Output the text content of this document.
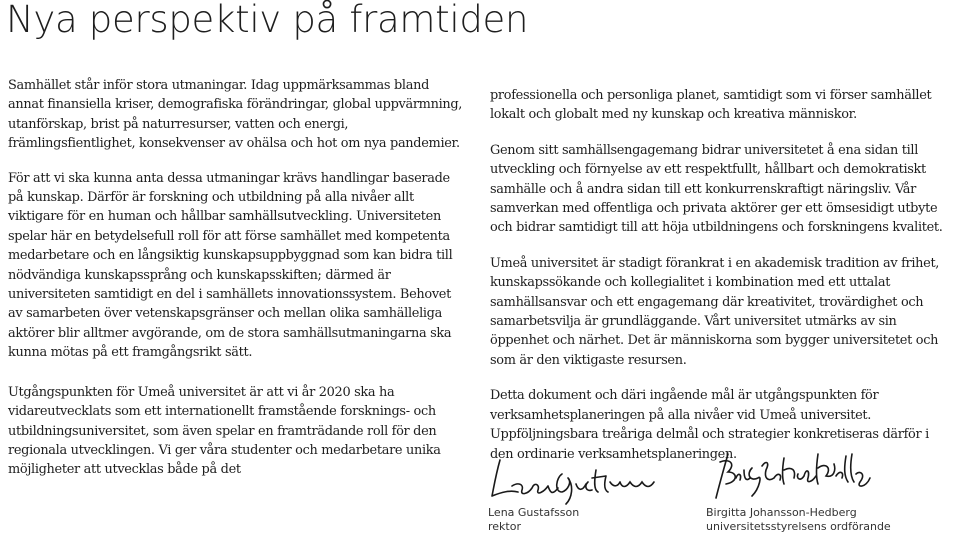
Nya perspektiv på framtiden

Samhället står inför stora utmaningar. Idag uppmärksammas bland annat finansiella kriser, demografiska förändringar, global uppvärmning, utanförskap, brist på naturresurser, vatten och energi, främlingsfientlighet, konsekvenser av ohälsa och hot om nya pandemier.

För att vi ska kunna anta dessa utmaningar krävs handlingar baserade på kunskap. Därför är forskning och utbildning på alla nivåer allt viktigare för en human och hållbar samhällsutveckling. Universiteten spelar här en betydelsefull roll för att förse samhället med kompetenta medarbetare och en långsiktig kunskapsuppbyggnad som kan bidra till nödvändiga kunskapssprång och kunskapsskiften; därmed är universiteten samtidigt en del i samhällets innovationssystem. Behovet av samarbeten över vetenskapsgränser och mellan olika samhälleliga aktörer blir alltmer avgörande, om de stora samhällsutmaningarna ska kunna mötas på ett framgångsrikt sätt.

Utgångspunkten för Umeå universitet är att vi år 2020 ska ha vidareutvecklats som ett internationellt framstående forsknings- och utbildningsuniversitet, som även spelar en framträdande roll för den regionala utvecklingen. Vi ger våra studenter och medarbetare unika möjligheter att utvecklas både på det

professionella och personliga planet, samtidigt som vi förser samhället lokalt och globalt med ny kunskap och kreativa människor.

Genom sitt samhällsengagemang bidrar universitetet å ena sidan till utveckling och förnyelse av ett respektfullt, hållbart och demokratiskt samhälle och å andra sidan till ett konkurrenskraftigt näringsliv. Vår samverkan med offentliga och privata aktörer ger ett ömsesidigt utbyte och bidrar samtidigt till att höja utbildningens och forskningens kvalitet.

Umeå universitet är stadigt förankrat i en akademisk tradition av frihet, kunskapssökande och kollegialitet i kombination med ett uttalat samhällsansvar och ett engagemang där kreativitet, trovärdighet och samarbetsvilja är grundläggande. Vårt universitet utmärks av sin öppenhet och närhet. Det är människorna som bygger universitetet och som är den viktigaste resursen.

Detta dokument och däri ingående mål är utgångspunkten för verksamhetsplaneringen på alla nivåer vid Umeå universitet. Uppföljningsbara treåriga delmål och strategier konkretiseras därför i den ordinarie verksamhetsplaneringen.

Lena Gustafsson
rektor
Birgitta Johansson-Hedberg
universitetsstyrelsens ordförande
